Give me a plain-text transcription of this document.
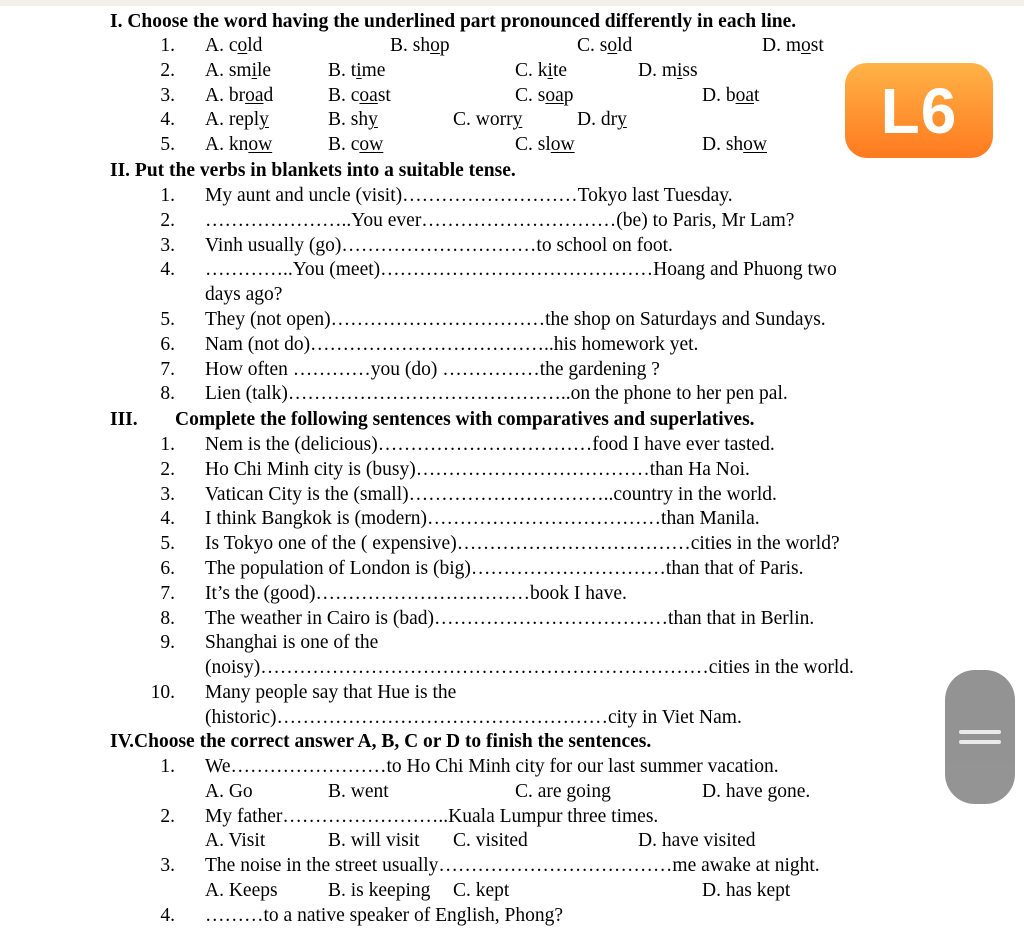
I. Choose the word having the underlined part pronounced differently in each line.
1. A. cold	B. shop	C. sold	D. most
2. A. smile	B. time	C. kite	D. miss
3. A. broad	B. coast	C. soap	D. boat
4. A. reply	B. shy	C. worry	D. dry
5. A. know	B. cow	C. slow	D. show
II. Put the verbs in blankets into a suitable tense.
1. My aunt and uncle (visit)………………………Tokyo last Tuesday.
2. …………………..You ever…………………………(be) to Paris, Mr Lam?
3. Vinh usually (go)…………………………to school on foot.
4. …………..You (meet)……………………………………Hoang and Phuong two
days ago?
5. They (not open)……………………………the shop on Saturdays and Sundays.
6. Nam (not do)………………………………..his homework yet.
7. How often …………you (do) ……………the gardening ?
8. Lien (talk)……………………………………..on the phone to her pen pal.
III. Complete the following sentences with comparatives and superlatives.
1. Nem is the (delicious)……………………………food I have ever tasted.
2. Ho Chi Minh city is (busy)………………………………than Ha Noi.
3. Vatican City is the (small)…………………………..country in the world.
4. I think Bangkok is (modern)………………………………than Manila.
5. Is Tokyo one of the ( expensive)………………………………cities in the world?
6. The population of London is (big)…………………………than that of Paris.
7. It’s the (good)……………………………book I have.
8. The weather in Cairo is (bad)………………………………than that in Berlin.
9. Shanghai is one of the
(noisy)……………………………………………………………cities in the world.
10. Many people say that Hue is the
(historic)……………………………………………city in Viet Nam.
IV.Choose the correct answer A, B, C or D to finish the sentences.
1. We……………………to Ho Chi Minh city for our last summer vacation.
A. Go	B. went	C. are going	D. have gone.
2. My father……………………..Kuala Lumpur three times.
A. Visit	B. will visit C. visited	D. have visited
3. The noise in the street usually………………………………me awake at night.
A. Keeps	B. is keeping C. kept	D. has kept
4. ………to a native speaker of English, Phong?
L6
